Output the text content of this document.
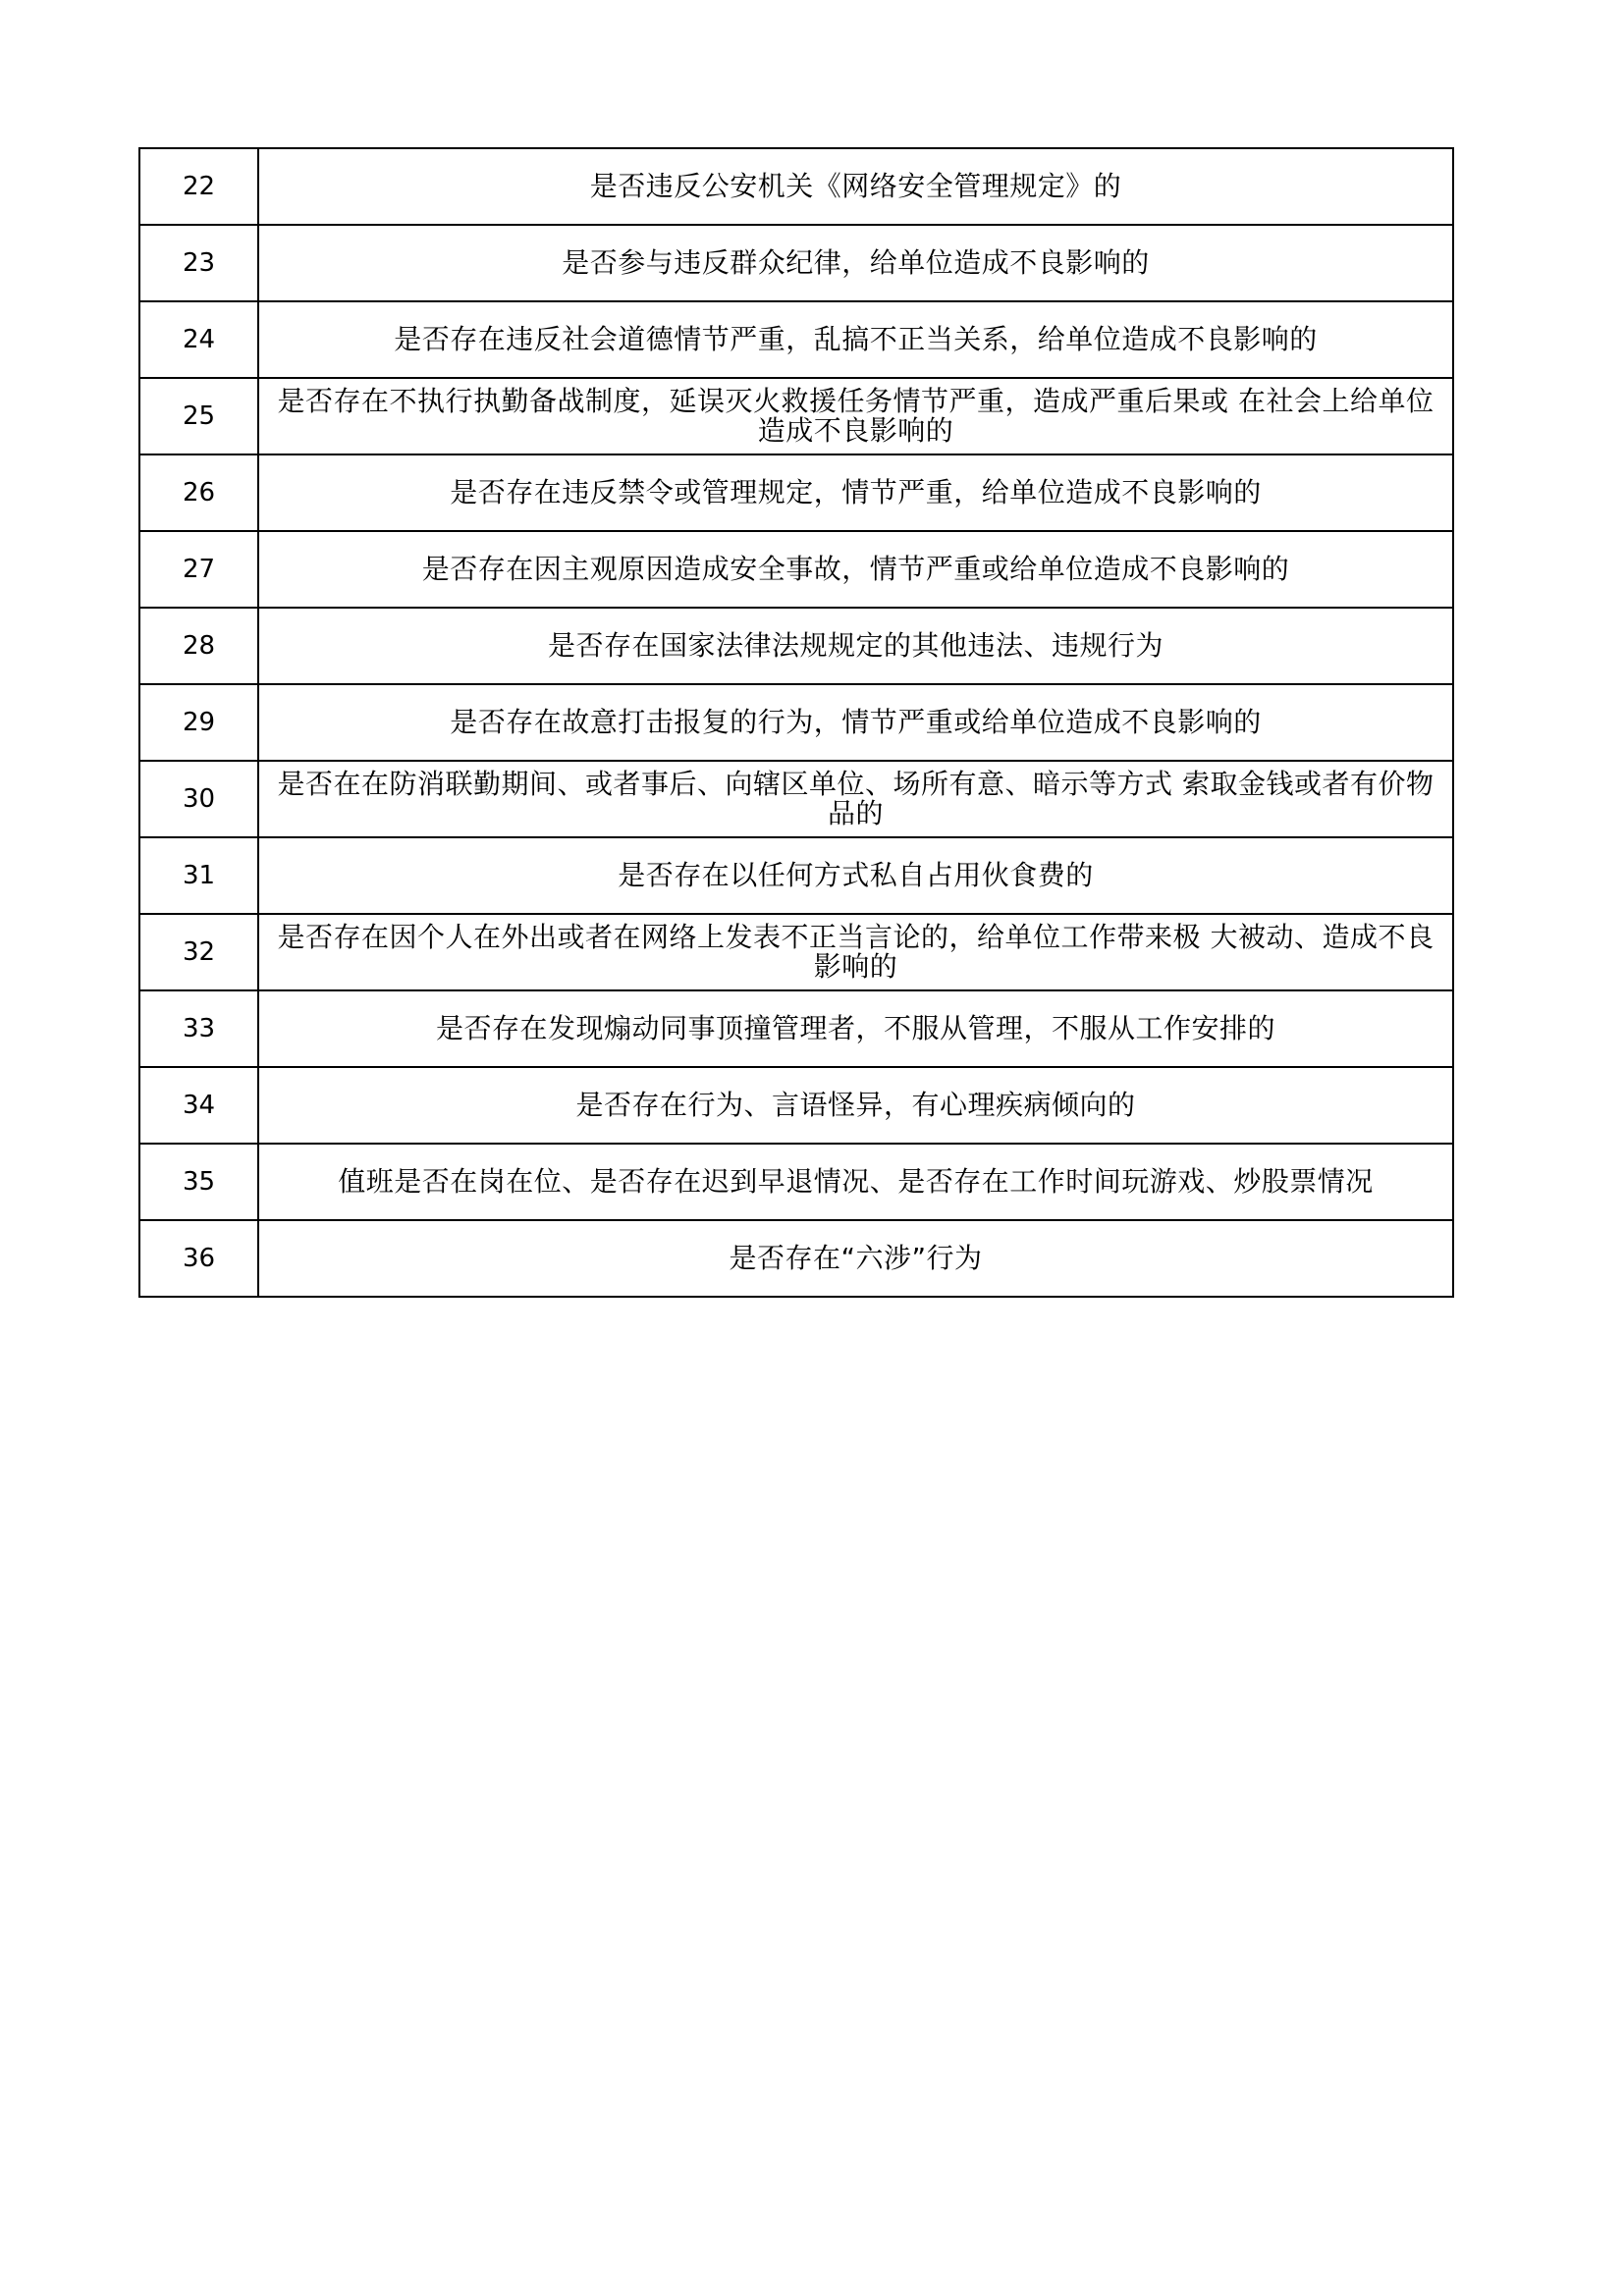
22	是否违反公安机关《网络安全管理规定》的
23	是否参与违反群众纪律，给单位造成不良影响的
24	是否存在违反社会道德情节严重，乱搞不正当关系，给单位造成不良影响的
25	是否存在不执行执勤备战制度，延误灭火救援任务情节严重，造成严重后果或 在社会上给单位造成不良影响的
26	是否存在违反禁令或管理规定，情节严重，给单位造成不良影响的
27	是否存在因主观原因造成安全事故，情节严重或给单位造成不良影响的
28	是否存在国家法律法规规定的其他违法、违规行为
29	是否存在故意打击报复的行为，情节严重或给单位造成不良影响的
30	是否在在防消联勤期间、或者事后、向辖区单位、场所有意、暗示等方式 索取金钱或者有价物品的
31	是否存在以任何方式私自占用伙食费的
32	是否存在因个人在外出或者在网络上发表不正当言论的，给单位工作带来极 大被动、造成不良影响的
33	是否存在发现煽动同事顶撞管理者，不服从管理，不服从工作安排的
34	是否存在行为、言语怪异，有心理疾病倾向的
35	值班是否在岗在位、是否存在迟到早退情况、是否存在工作时间玩游戏、炒股票情况
36	是否存在“六涉”行为
